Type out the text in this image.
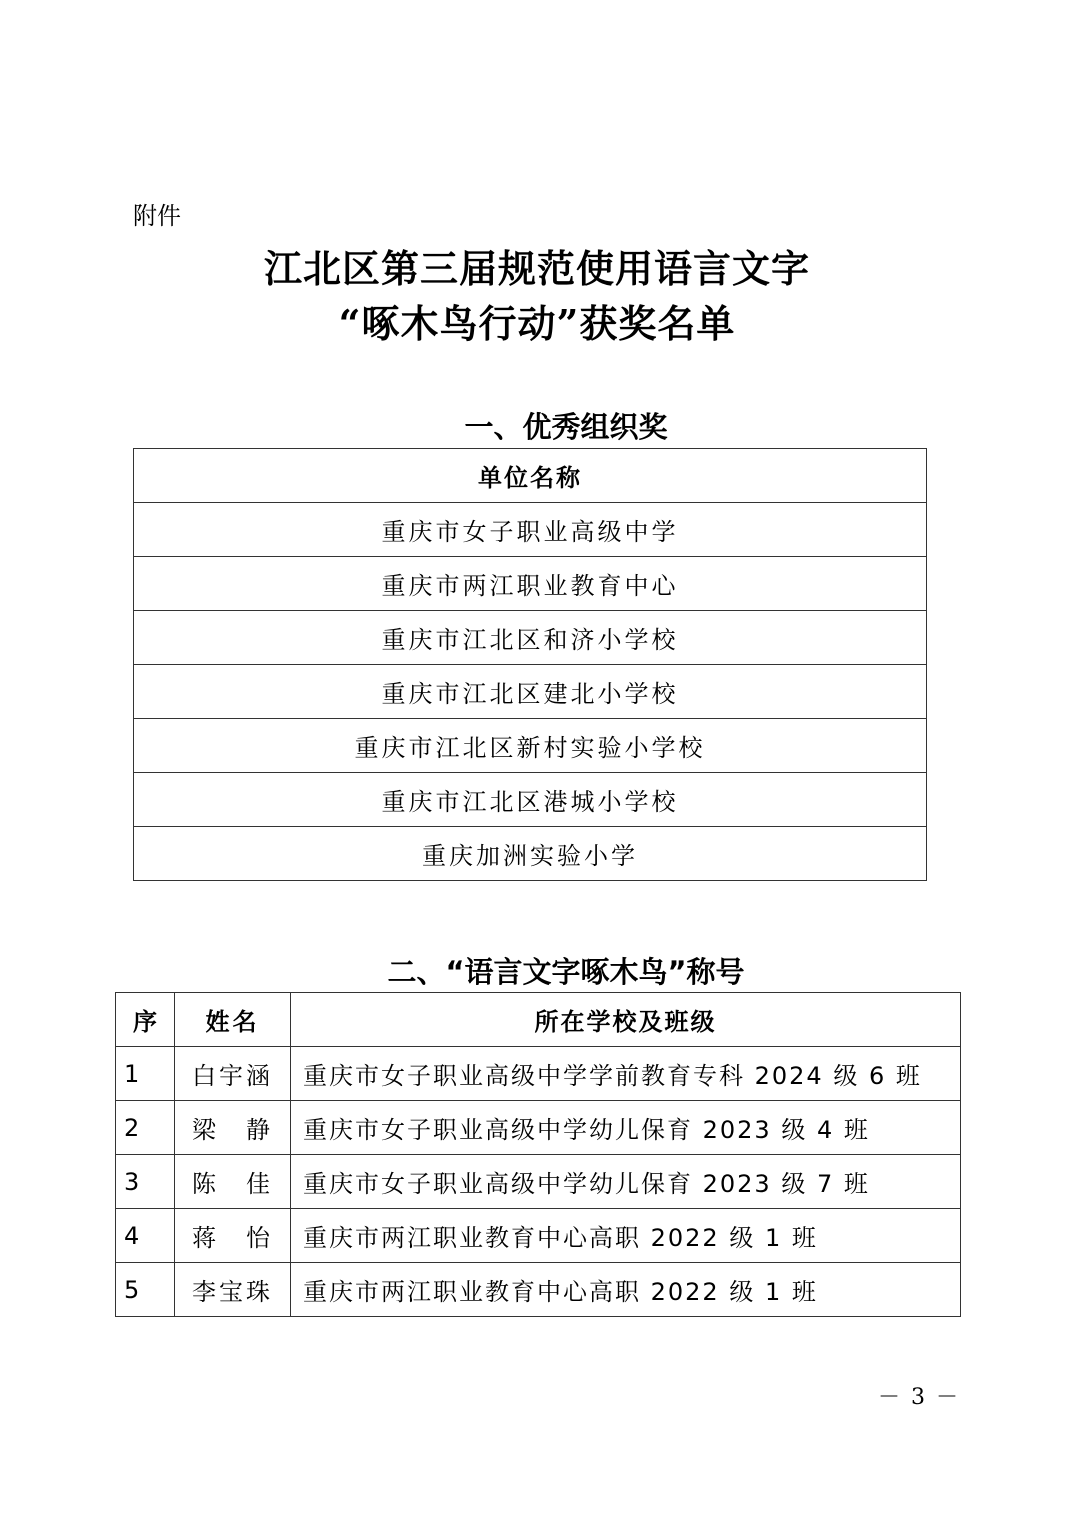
附件
江北区第三届规范使用语言文字
“啄木鸟行动”获奖名单
一、优秀组织奖
单位名称
重庆市女子职业高级中学
重庆市两江职业教育中心
重庆市江北区和济小学校
重庆市江北区建北小学校
重庆市江北区新村实验小学校
重庆市江北区港城小学校
重庆加洲实验小学
二、“语言文字啄木鸟”称号
序	姓名	所在学校及班级
1	白宇涵	重庆市女子职业高级中学学前教育专科 2024 级 6 班
2	梁　静	重庆市女子职业高级中学幼儿保育 2023 级 4 班
3	陈　佳	重庆市女子职业高级中学幼儿保育 2023 级 7 班
4	蒋　怡	重庆市两江职业教育中心高职 2022 级 1 班
5	李宝珠	重庆市两江职业教育中心高职 2022 级 1 班
－ 3 －
